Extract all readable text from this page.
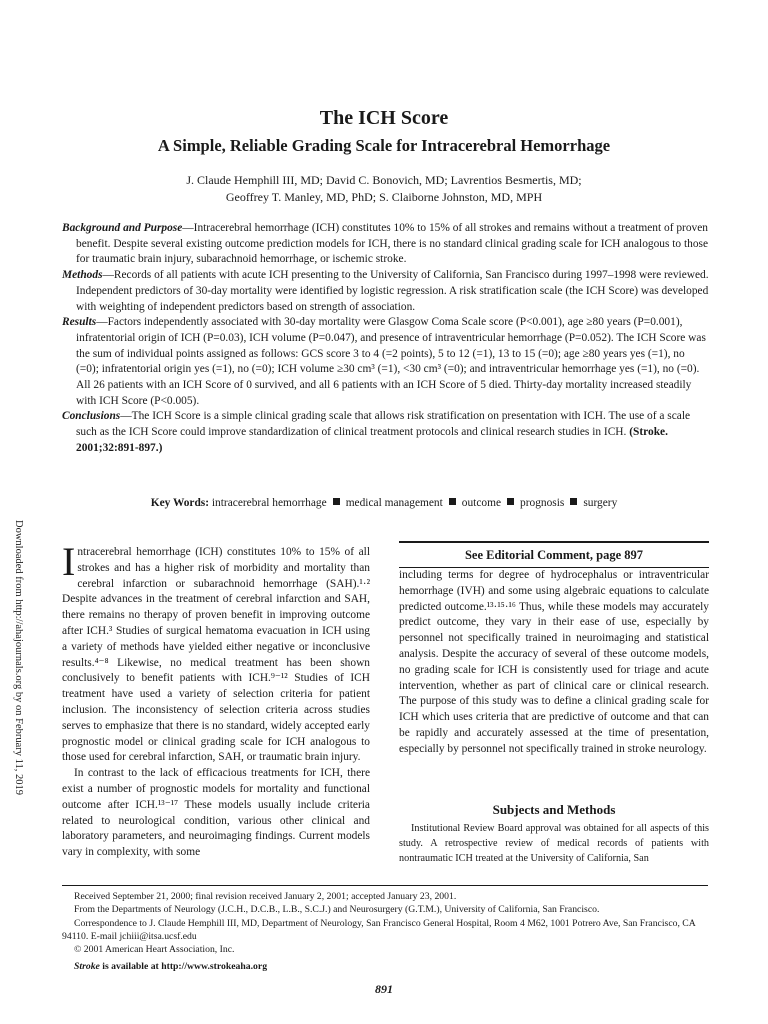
The ICH Score
A Simple, Reliable Grading Scale for Intracerebral Hemorrhage
J. Claude Hemphill III, MD; David C. Bonovich, MD; Lavrentios Besmertis, MD;
Geoffrey T. Manley, MD, PhD; S. Claiborne Johnston, MD, MPH

Background and Purpose—Intracerebral hemorrhage (ICH) constitutes 10% to 15% of all strokes and remains without a treatment of proven benefit. Despite several existing outcome prediction models for ICH, there is no standard clinical grading scale for ICH analogous to those for traumatic brain injury, subarachnoid hemorrhage, or ischemic stroke.

Methods—Records of all patients with acute ICH presenting to the University of California, San Francisco during 1997–1998 were reviewed. Independent predictors of 30-day mortality were identified by logistic regression. A risk stratification scale (the ICH Score) was developed with weighting of independent predictors based on strength of association.

Results—Factors independently associated with 30-day mortality were Glasgow Coma Scale score (P<0.001), age ≥80 years (P=0.001), infratentorial origin of ICH (P=0.03), ICH volume (P=0.047), and presence of intraventricular hemorrhage (P=0.052). The ICH Score was the sum of individual points assigned as follows: GCS score 3 to 4 (=2 points), 5 to 12 (=1), 13 to 15 (=0); age ≥80 years yes (=1), no (=0); infratentorial origin yes (=1), no (=0); ICH volume ≥30 cm³ (=1), <30 cm³ (=0); and intraventricular hemorrhage yes (=1), no (=0). All 26 patients with an ICH Score of 0 survived, and all 6 patients with an ICH Score of 5 died. Thirty-day mortality increased steadily with ICH Score (P<0.005).

Conclusions—The ICH Score is a simple clinical grading scale that allows risk stratification on presentation with ICH. The use of a scale such as the ICH Score could improve standardization of clinical treatment protocols and clinical research studies in ICH. (Stroke. 2001;32:891-897.)

Key Words: intracerebral hemorrhage medical management outcome prognosis surgery
Downloaded from http://ahajournals.org by on February 11, 2019 Intracerebral hemorrhage (ICH) constitutes 10% to 15% of all strokes and has a higher risk of morbidity and mortality than cerebral infarction or subarachnoid hemorrhage (SAH).¹·² Despite advances in the treatment of cerebral infarction and SAH, there remains no therapy of proven benefit in improving outcome after ICH.³ Studies of surgical hematoma evacuation in ICH using a variety of methods have yielded either negative or inconclusive results.⁴⁻⁸ Likewise, no medical treatment has been shown conclusively to benefit patients with ICH.⁹⁻¹² Studies of ICH treatment have used a variety of selection criteria for patient inclusion. The inconsistency of selection criteria across studies serves to emphasize that there is no standard, widely accepted early prognostic model or clinical grading scale for ICH analogous to those used for cerebral infarction, SAH, or traumatic brain injury.

In contrast to the lack of efficacious treatments for ICH, there exist a number of prognostic models for mortality and functional outcome after ICH.¹³⁻¹⁷ These models usually include criteria related to neurological condition, various other clinical and laboratory parameters, and neuroimaging findings. Current models vary in complexity, with some

See Editorial Comment, page 897

including terms for degree of hydrocephalus or intraventricular hemorrhage (IVH) and some using algebraic equations to calculate predicted outcome.¹³·¹⁵·¹⁶ Thus, while these models may accurately predict outcome, they vary in their ease of use, especially by personnel not specifically trained in neuroimaging and statistical analysis. Despite the accuracy of several of these outcome models, no grading scale for ICH is consistently used for triage and acute intervention, whether as part of clinical care or clinical research. The purpose of this study was to define a clinical grading scale for ICH which uses criteria that are predictive of outcome and that can be rapidly and accurately assessed at the time of presentation, especially by personnel not specifically trained in stroke neurology.

Subjects and Methods

Institutional Review Board approval was obtained for all aspects of this study. A retrospective review of medical records of patients with nontraumatic ICH treated at the University of California, San

Received September 21, 2000; final revision received January 2, 2001; accepted January 23, 2001.

From the Departments of Neurology (J.C.H., D.C.B., L.B., S.C.J.) and Neurosurgery (G.T.M.), University of California, San Francisco.

Correspondence to J. Claude Hemphill III, MD, Department of Neurology, San Francisco General Hospital, Room 4 M62, 1001 Potrero Ave, San Francisco, CA 94110. E-mail jchiii@itsa.ucsf.edu

© 2001 American Heart Association, Inc.

Stroke is available at http://www.strokeaha.org

891
